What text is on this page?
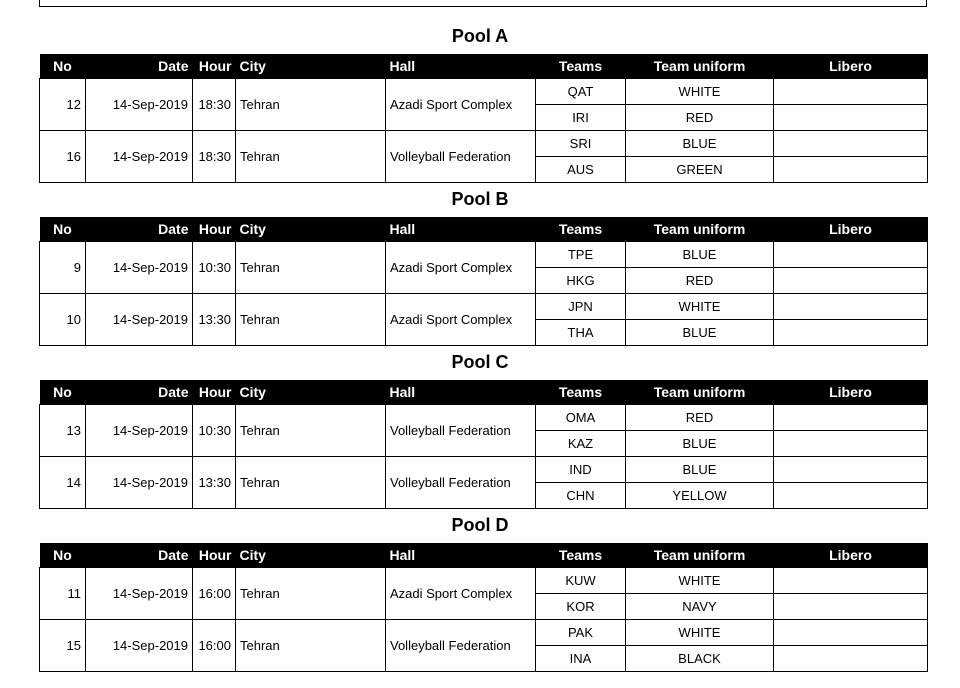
Pool A
No	Date	Hour	City	Hall	Teams	Team uniform	Libero
12	14-Sep-2019	18:30	Tehran	Azadi Sport Complex	QAT	WHITE	
					IRI	RED	
16	14-Sep-2019	18:30	Tehran	Volleyball Federation	SRI	BLUE	
					AUS	GREEN	
Pool B
No	Date	Hour	City	Hall	Teams	Team uniform	Libero
9	14-Sep-2019	10:30	Tehran	Azadi Sport Complex	TPE	BLUE	
					HKG	RED	
10	14-Sep-2019	13:30	Tehran	Azadi Sport Complex	JPN	WHITE	
					THA	BLUE	
Pool C
No	Date	Hour	City	Hall	Teams	Team uniform	Libero
13	14-Sep-2019	10:30	Tehran	Volleyball Federation	OMA	RED	
					KAZ	BLUE	
14	14-Sep-2019	13:30	Tehran	Volleyball Federation	IND	BLUE	
					CHN	YELLOW	
Pool D
No	Date	Hour	City	Hall	Teams	Team uniform	Libero
11	14-Sep-2019	16:00	Tehran	Azadi Sport Complex	KUW	WHITE	
					KOR	NAVY	
15	14-Sep-2019	16:00	Tehran	Volleyball Federation	PAK	WHITE	
					INA	BLACK	
